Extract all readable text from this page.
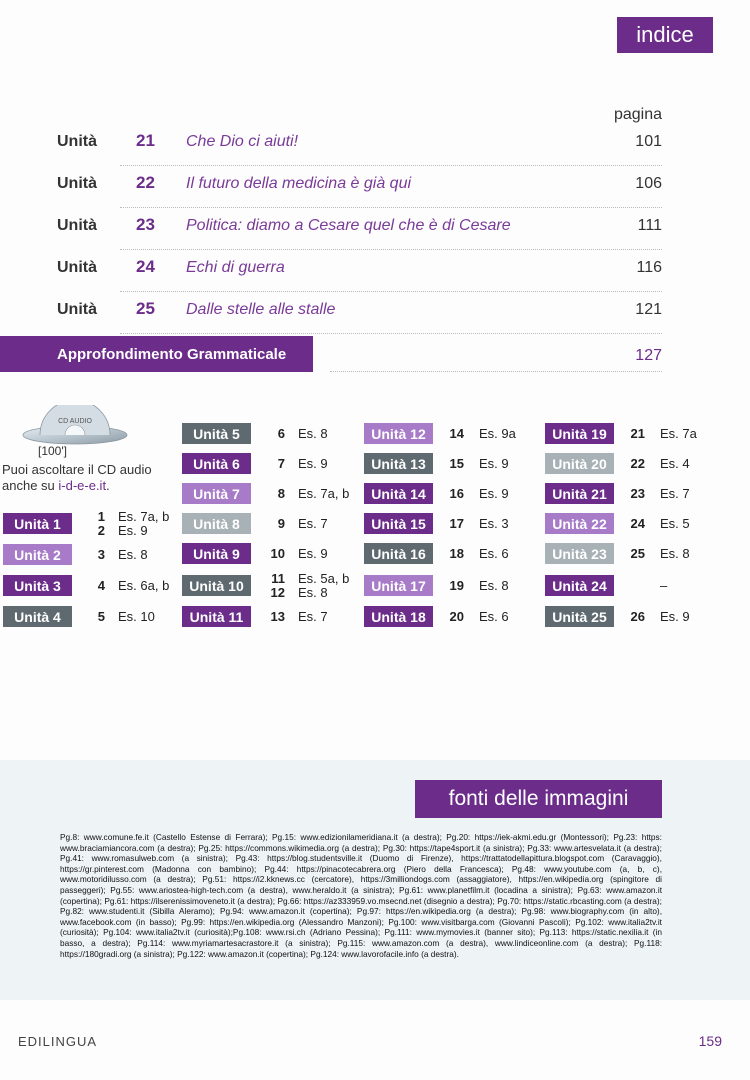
indice
pagina
Unità 21 Che Dio ci aiuti!	101
Unità 22 Il futuro della medicina è già qui	106
Unità 23 Politica: diamo a Cesare quel che è di Cesare	111
Unità 24 Echi di guerra	116
Unità 25 Dalle stelle alle stalle	121
Approfondimento Grammaticale	127
CD AUDIO
[100']
Puoi ascoltare il CD audio anche su i-d-e-e.it.
Unità 1	1 Es. 7a, b
2 Es. 9
Unità 2	3 Es. 8
Unità 3	4 Es. 6a, b
Unità 4	5 Es. 10
Unità 5	6 Es. 8
Unità 6	7 Es. 9
Unità 7	8 Es. 7a, b
Unità 8	9 Es. 7
Unità 9	10 Es. 9
Unità 10	11 Es. 5a, b
12 Es. 8
Unità 11	13 Es. 7
Unità 12	14 Es. 9a
Unità 13	15 Es. 9
Unità 14	16 Es. 9
Unità 15	17 Es. 3
Unità 16	18 Es. 6
Unità 17	19 Es. 8
Unità 18	20 Es. 6
Unità 19	21 Es. 7a
Unità 20	22 Es. 4
Unità 21	23 Es. 7
Unità 22	24 Es. 5
Unità 23	25 Es. 8
Unità 24	–
Unità 25	26 Es. 9
fonti delle immagini
Pg.8: www.comune.fe.it (Castello Estense di Ferrara); Pg.15: www.edizionilameridiana.it (a destra); Pg.20: https://iek-akmi.edu.gr (Montessori); Pg.23: https: www.braciamiancora.com (a destra); Pg.25: https://commons.wikimedia.org (a destra); Pg.30: https://tape4sport.it (a sinistra); Pg.33: www.artesvelata.it (a destra); Pg.41: www.romasulweb.com (a sinistra); Pg.43: https://blog.studentsville.it (Duomo di Firenze), https://trattatodellapittura.blogspot.com (Caravaggio), https://gr.pinterest.com (Madonna con bambino); Pg.44: https://pinacotecabrera.org (Piero della Francesca); Pg.48: www.youtube.com (a, b, c), www.motoridilusso.com (a destra); Pg.51: https://i2.kknews.cc (cercatore), https://3milliondogs.com (assaggiatore), https://en.wikipedia.org (spingitore di passeggeri); Pg.55: www.ariostea-high-tech.com (a destra), www.heraldo.it (a sinistra); Pg.61: www.planetfilm.it (locadina a sinistra); Pg.63: www.amazon.it (copertina); Pg.61: https://ilserenissimoveneto.it (a destra); Pg.66: https://az333959.vo.msecnd.net (disegnio a destra); Pg.70: https://static.rbcasting.com (a destra); Pg.82: www.studenti.it (Sibilla Aleramo); Pg.94: www.amazon.it (copertina); Pg.97: https://en.wikipedia.org (a destra); Pg.98: www.biography.com (in alto), www.facebook.com (in basso); Pg.99: https://en.wikipedia.org (Alessandro Manzoni); Pg.100: www.visitbarga.com (Giovanni Pascoli); Pg.102: www.italia2tv.it (curiosità); Pg.104: www.italia2tv.it (curiosità);Pg.108: www.rsi.ch (Adriano Pessina); Pg.111: www.mymovies.it (banner sito); Pg.113: https://static.nexilia.it (in basso, a destra); Pg.114: www.myriamartesacrastore.it (a sinistra); Pg.115: www.amazon.com (a destra), www.lindiceonline.com (a destra); Pg.118: https://180gradi.org (a sinistra); Pg.122: www.amazon.it (copertina); Pg.124: www.lavorofacile.info (a destra).
EDILINGUA	159
